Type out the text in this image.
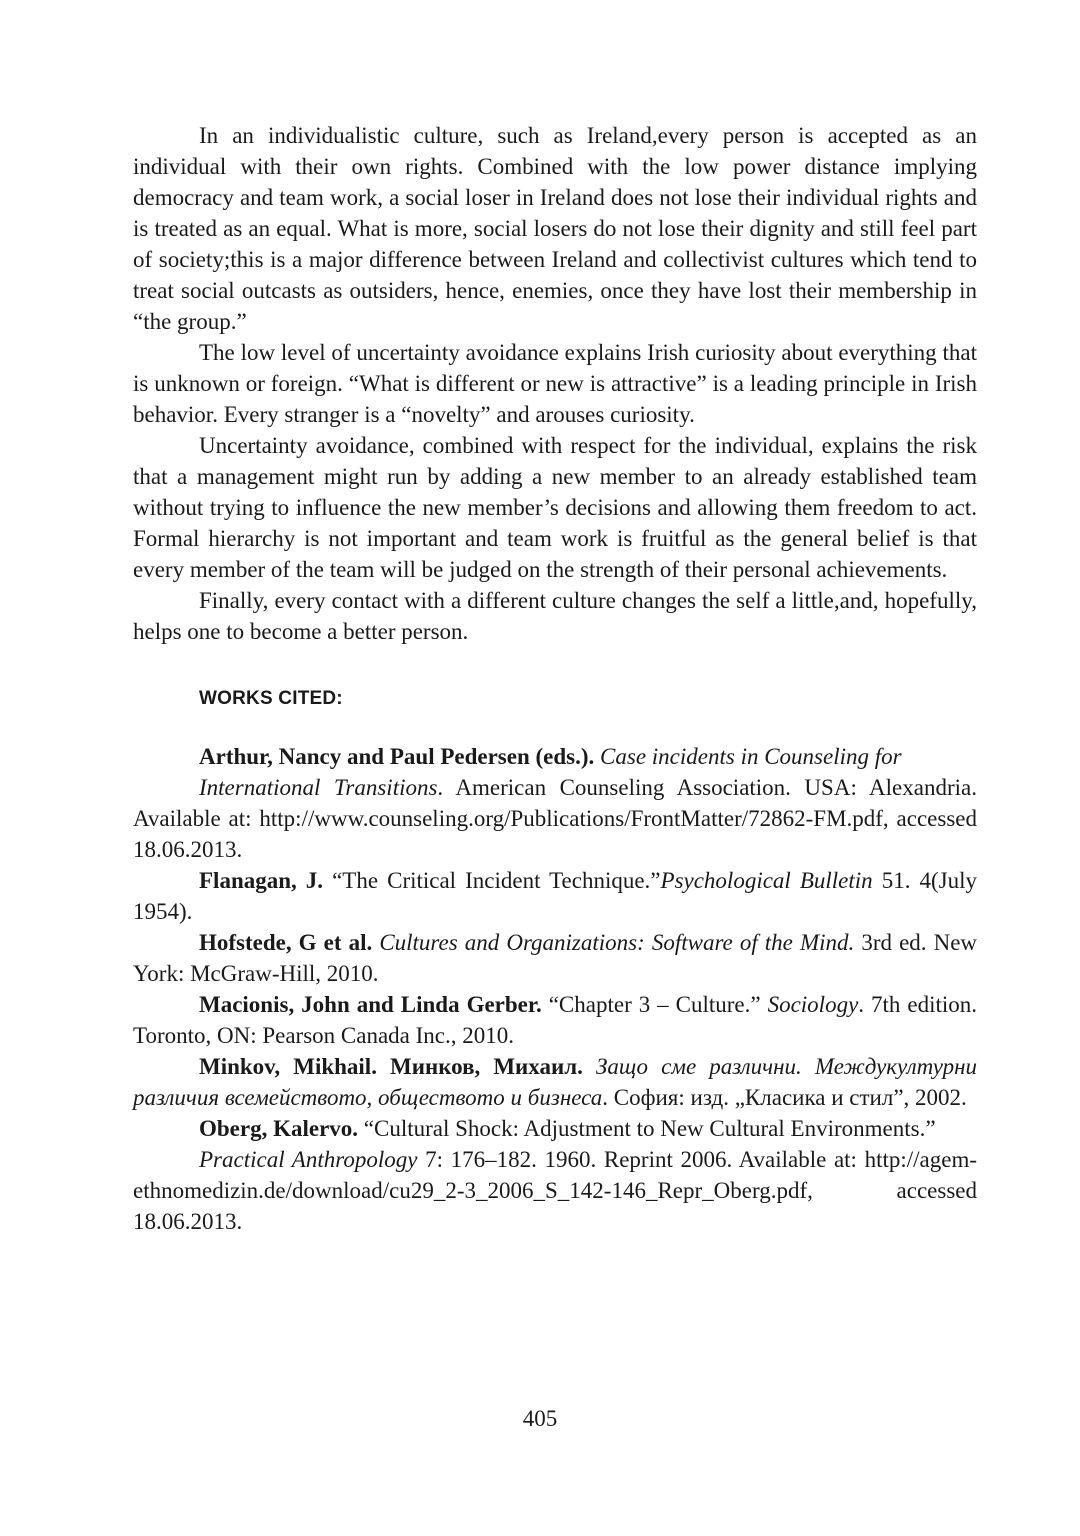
In an individualistic culture, such as Ireland,every person is accepted as an individual with their own rights. Combined with the low power distance implying democracy and team work, a social loser in Ireland does not lose their individual rights and is treated as an equal. What is more, social losers do not lose their dignity and still feel part of society;this is a major difference between Ireland and collectivist cultures which tend to treat social outcasts as outsiders, hence, enemies, once they have lost their membership in “the group.”

The low level of uncertainty avoidance explains Irish curiosity about everything that is unknown or foreign. “What is different or new is attractive” is a leading principle in Irish behavior. Every stranger is a “novelty” and arouses curiosity.

Uncertainty avoidance, combined with respect for the individual, explains the risk that a management might run by adding a new member to an already established team without trying to influence the new member’s decisions and allowing them freedom to act. Formal hierarchy is not important and team work is fruitful as the general belief is that every member of the team will be judged on the strength of their personal achievements.

Finally, every contact with a different culture changes the self a little,and, hopefully, helps one to become a better person.

WORKS CITED:

Arthur, Nancy and Paul Pedersen (eds.). Case incidents in Counseling for

International Transitions. American Counseling Association. USA: Alexandria. Available at: http://www.counseling.org/Publications/FrontMatter/72862-FM.pdf, accessed 18.06.2013.

Flanagan, J. “The Critical Incident Technique.”Psychological Bulletin 51. 4(July 1954).

Hofstede, G et al. Cultures and Organizations: Software of the Mind. 3rd ed. New York: McGraw-Hill, 2010.

Macionis, John and Linda Gerber. “Chapter 3 – Culture.” Sociology. 7th edition. Toronto, ON: Pearson Canada Inc., 2010.

Minkov, Mikhail. Минков, Михаил. Защо сме различни. Междукултурни различия всемейството, обществото и бизнеса. София: изд. „Класика и стил”, 2002.

Oberg, Kalervo. “Cultural Shock: Adjustment to New Cultural Environments.”

Practical Anthropology 7: 176–182. 1960. Reprint 2006. Available at: http://agem-ethnomedizin.de/download/cu29_2-3_2006_S_142-146_Repr_Oberg.pdf, accessed 18.06.2013.

405
